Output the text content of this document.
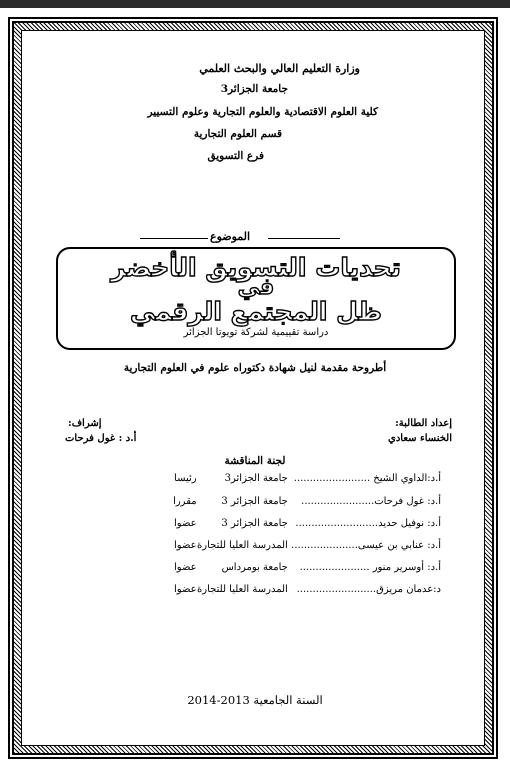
وزارة التعليم العالي والبحث العلمي
جامعة الجزائر3
كلية العلوم الاقتصادية والعلوم التجارية وعلوم التسيير
قسم العلوم التجارية
فرع التسويق
الموضوع
تحديات التسويق الأخضر
في
ظل المجتمع الرقمي
دراسة تقييمية لشركة تويوتا الجزائر
أطروحة مقدمة لنيل شهادة دكتوراه علوم في العلوم التجارية
إعداد الطالبة:
الخنساء سعادي
إشراف:
أ.د : غول فرحات
لجنة المناقشة
أ.د:الداوي الشيخ ........................ جامعة الجزائر3 رئيسا
أ.د: غول فرحات....................... جامعة الجزائر 3 مقررا
أ.د: نوفيل حديد.......................... جامعة الجزائر 3 عضوا
أ.د: عنابي بن عيسى..................... المدرسة العليا للتجارة عضوا
أ.د: أوسرير منور ...................... جامعة بومرداس عضوا
د:عدمان مريزق......................... المدرسة العليا للتجارة عضوا
السنة الجامعية 2013-2014
